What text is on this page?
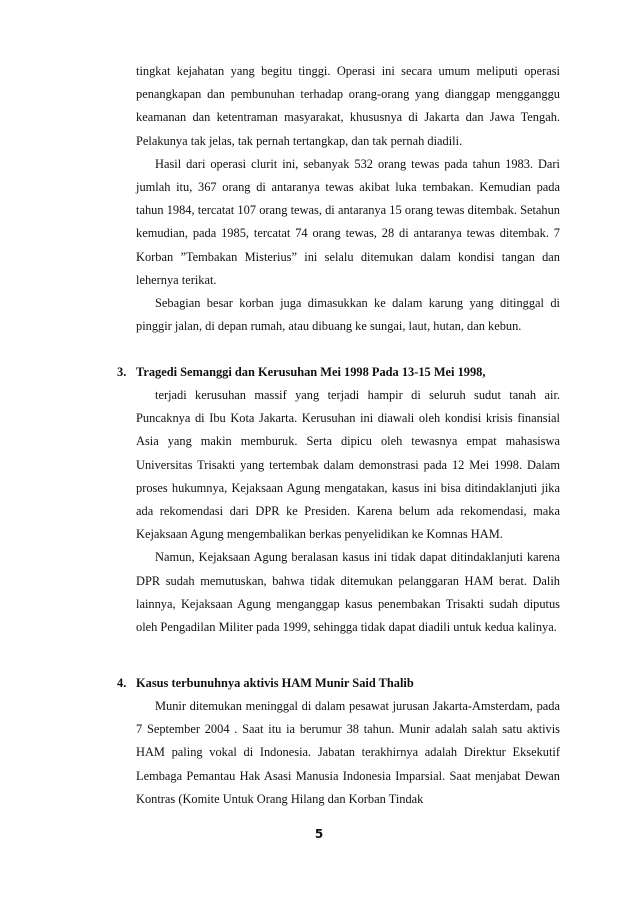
tingkat kejahatan yang begitu tinggi. Operasi ini secara umum meliputi operasi penangkapan dan pembunuhan terhadap orang-orang yang dianggap mengganggu keamanan dan ketentraman masyarakat, khususnya di Jakarta dan Jawa Tengah. Pelakunya tak jelas, tak pernah tertangkap, dan tak pernah diadili.

Hasil dari operasi clurit ini, sebanyak 532 orang tewas pada tahun 1983. Dari jumlah itu, 367 orang di antaranya tewas akibat luka tembakan. Kemudian pada tahun 1984, tercatat 107 orang tewas, di antaranya 15 orang tewas ditembak. Setahun kemudian, pada 1985, tercatat 74 orang tewas, 28 di antaranya tewas ditembak. 7 Korban ”Tembakan Misterius” ini selalu ditemukan dalam kondisi tangan dan lehernya terikat.

Sebagian besar korban juga dimasukkan ke dalam karung yang ditinggal di pinggir jalan, di depan rumah, atau dibuang ke sungai, laut, hutan, dan kebun.

3. Tragedi Semanggi dan Kerusuhan Mei 1998 Pada 13-15 Mei 1998,

terjadi kerusuhan massif yang terjadi hampir di seluruh sudut tanah air. Puncaknya di Ibu Kota Jakarta. Kerusuhan ini diawali oleh kondisi krisis finansial Asia yang makin memburuk. Serta dipicu oleh tewasnya empat mahasiswa Universitas Trisakti yang tertembak dalam demonstrasi pada 12 Mei 1998. Dalam proses hukumnya, Kejaksaan Agung mengatakan, kasus ini bisa ditindaklanjuti jika ada rekomendasi dari DPR ke Presiden. Karena belum ada rekomendasi, maka Kejaksaan Agung mengembalikan berkas penyelidikan ke Komnas HAM.

Namun, Kejaksaan Agung beralasan kasus ini tidak dapat ditindaklanjuti karena DPR sudah memutuskan, bahwa tidak ditemukan pelanggaran HAM berat. Dalih lainnya, Kejaksaan Agung menganggap kasus penembakan Trisakti sudah diputus oleh Pengadilan Militer pada 1999, sehingga tidak dapat diadili untuk kedua kalinya.

4. Kasus terbunuhnya aktivis HAM Munir Said Thalib

Munir ditemukan meninggal di dalam pesawat jurusan Jakarta-Amsterdam, pada 7 September 2004 . Saat itu ia berumur 38 tahun. Munir adalah salah satu aktivis HAM paling vokal di Indonesia. Jabatan terakhirnya adalah Direktur Eksekutif Lembaga Pemantau Hak Asasi Manusia Indonesia Imparsial. Saat menjabat Dewan Kontras (Komite Untuk Orang Hilang dan Korban Tindak

5
